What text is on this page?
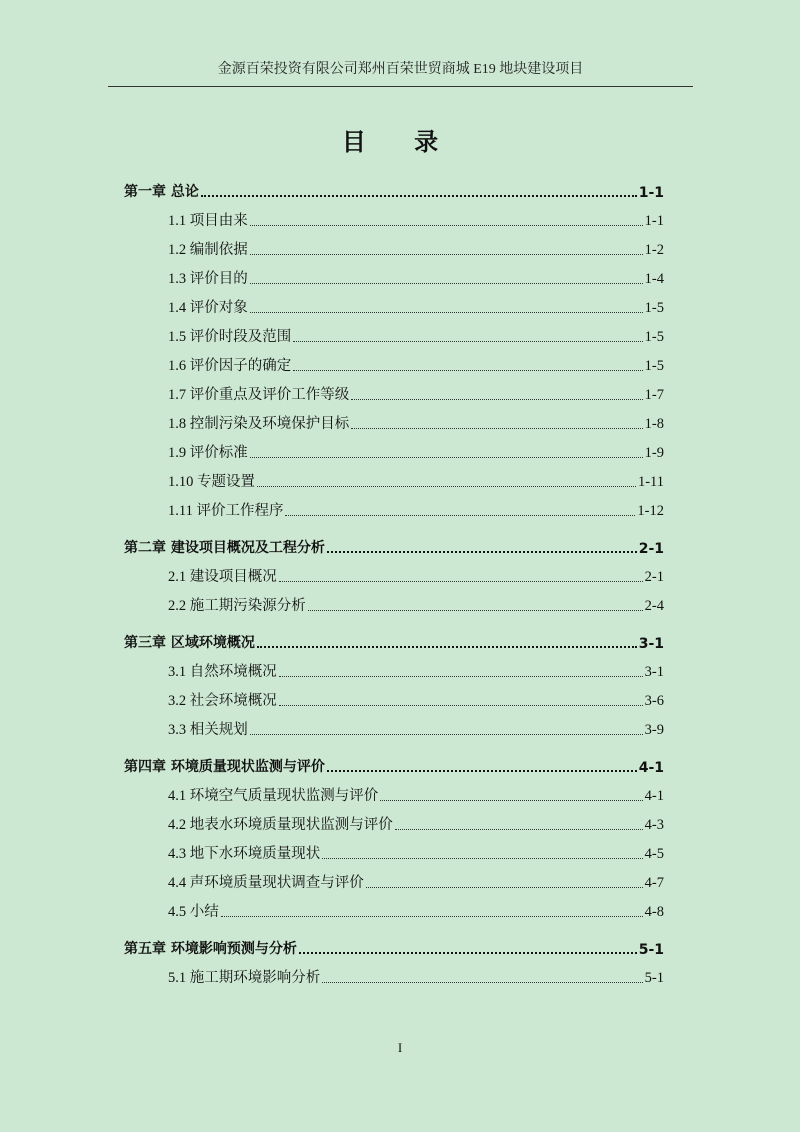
金源百荣投资有限公司郑州百荣世贸商城 E19 地块建设项目
目 录
第一章 总论	1-1
1.1 项目由来	1-1
1.2 编制依据	1-2
1.3 评价目的	1-4
1.4 评价对象	1-5
1.5 评价时段及范围	1-5
1.6 评价因子的确定	1-5
1.7 评价重点及评价工作等级	1-7
1.8 控制污染及环境保护目标	1-8
1.9 评价标准	1-9
1.10 专题设置	1-11
1.11 评价工作程序	1-12
第二章 建设项目概况及工程分析	2-1
2.1 建设项目概况	2-1
2.2 施工期污染源分析	2-4
第三章 区域环境概况	3-1
3.1 自然环境概况	3-1
3.2 社会环境概况	3-6
3.3 相关规划	3-9
第四章 环境质量现状监测与评价	4-1
4.1 环境空气质量现状监测与评价	4-1
4.2 地表水环境质量现状监测与评价	4-3
4.3 地下水环境质量现状	4-5
4.4 声环境质量现状调查与评价	4-7
4.5 小结	4-8
第五章 环境影响预测与分析	5-1
5.1 施工期环境影响分析	5-1
I
